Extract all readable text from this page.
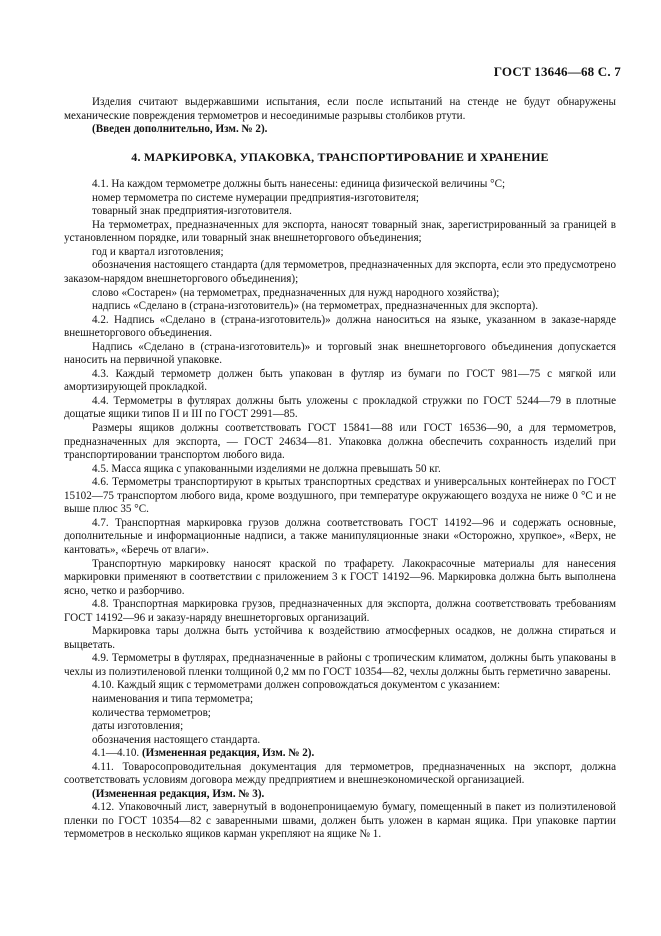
ГОСТ 13646—68 С. 7

Изделия считают выдержавшими испытания, если после испытаний на стенде не будут обнаружены механические повреждения термометров и несоединимые разрывы столбиков ртути.

(Введен дополнительно, Изм. № 2).

4. МАРКИРОВКА, УПАКОВКА, ТРАНСПОРТИРОВАНИЕ И ХРАНЕНИЕ

4.1. На каждом термометре должны быть нанесены: единица физической величины °C;

номер термометра по системе нумерации предприятия-изготовителя;

товарный знак предприятия-изготовителя.

На термометрах, предназначенных для экспорта, наносят товарный знак, зарегистрированный за границей в установленном порядке, или товарный знак внешнеторгового объединения;

год и квартал изготовления;

обозначения настоящего стандарта (для термометров, предназначенных для экспорта, если это предусмотрено заказом-нарядом внешнеторгового объединения);

слово «Состарен» (на термометрах, предназначенных для нужд народного хозяйства);

надпись «Сделано в (страна-изготовитель)» (на термометрах, предназначенных для экспорта).

4.2. Надпись «Сделано в (страна-изготовитель)» должна наноситься на языке, указанном в заказе-наряде внешнеторгового объединения.

Надпись «Сделано в (страна-изготовитель)» и торговый знак внешнеторгового объединения допускается наносить на первичной упаковке.

4.3. Каждый термометр должен быть упакован в футляр из бумаги по ГОСТ 981—75 с мягкой или амортизирующей прокладкой.

4.4. Термометры в футлярах должны быть уложены с прокладкой стружки по ГОСТ 5244—79 в плотные дощатые ящики типов II и III по ГОСТ 2991—85.

Размеры ящиков должны соответствовать ГОСТ 15841—88 или ГОСТ 16536—90, а для термометров, предназначенных для экспорта, — ГОСТ 24634—81. Упаковка должна обеспечить сохранность изделий при транспортировании транспортом любого вида.

4.5. Масса ящика с упакованными изделиями не должна превышать 50 кг.

4.6. Термометры транспортируют в крытых транспортных средствах и универсальных контейнерах по ГОСТ 15102—75 транспортом любого вида, кроме воздушного, при температуре окружающего воздуха не ниже 0 °C и не выше плюс 35 °C.

4.7. Транспортная маркировка грузов должна соответствовать ГОСТ 14192—96 и содержать основные, дополнительные и информационные надписи, а также манипуляционные знаки «Осторожно, хрупкое», «Верх, не кантовать», «Беречь от влаги».

Транспортную маркировку наносят краской по трафарету. Лакокрасочные материалы для нанесения маркировки применяют в соответствии с приложением 3 к ГОСТ 14192—96. Маркировка должна быть выполнена ясно, четко и разборчиво.

4.8. Транспортная маркировка грузов, предназначенных для экспорта, должна соответствовать требованиям ГОСТ 14192—96 и заказу-наряду внешнеторговых организаций.

Маркировка тары должна быть устойчива к воздействию атмосферных осадков, не должна стираться и выцветать.

4.9. Термометры в футлярах, предназначенные в районы с тропическим климатом, должны быть упакованы в чехлы из полиэтиленовой пленки толщиной 0,2 мм по ГОСТ 10354—82, чехлы должны быть герметично заварены.

4.10. Каждый ящик с термометрами должен сопровождаться документом с указанием:

наименования и типа термометра;

количества термометров;

даты изготовления;

обозначения настоящего стандарта.

4.1—4.10. (Измененная редакция, Изм. № 2).

4.11. Товаросопроводительная документация для термометров, предназначенных на экспорт, должна соответствовать условиям договора между предприятием и внешнеэкономической организацией.

(Измененная редакция, Изм. № 3).

4.12. Упаковочный лист, завернутый в водонепроницаемую бумагу, помещенный в пакет из полиэтиленовой пленки по ГОСТ 10354—82 с заваренными швами, должен быть уложен в карман ящика. При упаковке партии термометров в несколько ящиков карман укрепляют на ящике № 1.
